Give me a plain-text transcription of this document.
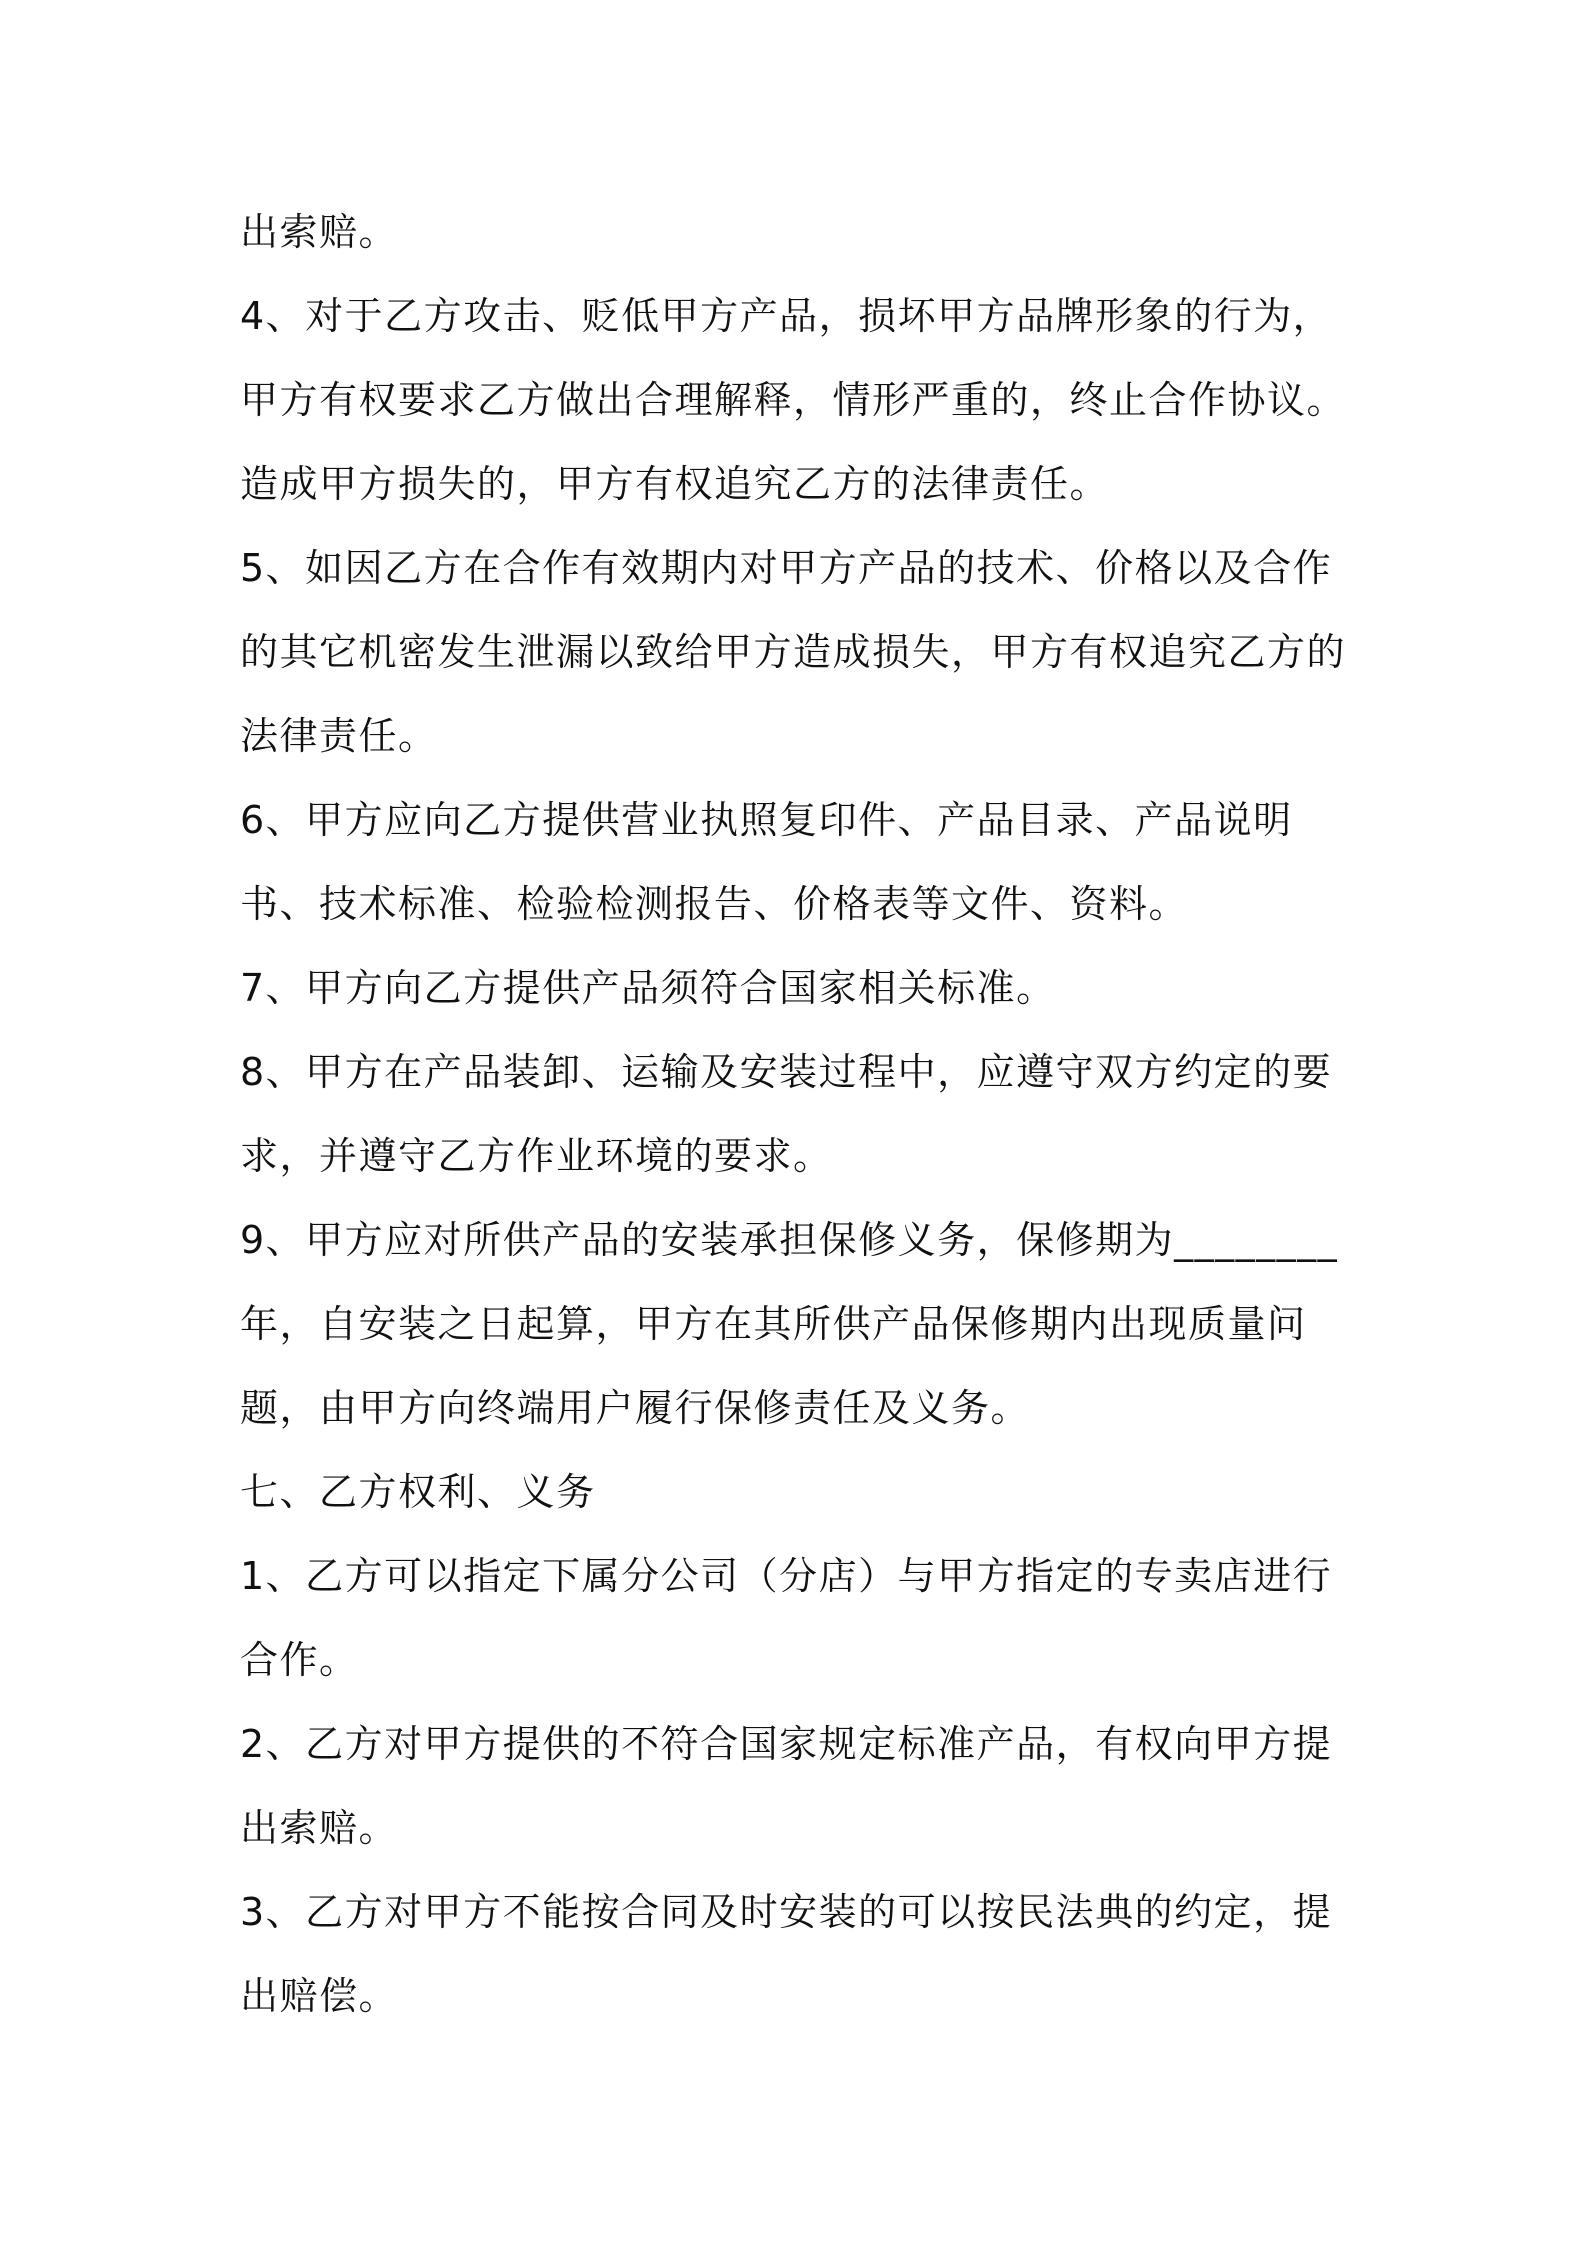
出索赔。

4、对于乙方攻击、贬低甲方产品，损坏甲方品牌形象的行为，甲方有权要求乙方做出合理解释，情形严重的，终止合作协议。造成甲方损失的，甲方有权追究乙方的法律责任。

5、如因乙方在合作有效期内对甲方产品的技术、价格以及合作的其它机密发生泄漏以致给甲方造成损失，甲方有权追究乙方的法律责任。

6、甲方应向乙方提供营业执照复印件、产品目录、产品说明书、技术标准、检验检测报告、价格表等文件、资料。

7、甲方向乙方提供产品须符合国家相关标准。

8、甲方在产品装卸、运输及安装过程中，应遵守双方约定的要求，并遵守乙方作业环境的要求。

9、甲方应对所供产品的安装承担保修义务，保修期为________年，自安装之日起算，甲方在其所供产品保修期内出现质量问题，由甲方向终端用户履行保修责任及义务。

七、乙方权利、义务

1、乙方可以指定下属分公司（分店）与甲方指定的专卖店进行合作。

2、乙方对甲方提供的不符合国家规定标准产品，有权向甲方提出索赔。

3、乙方对甲方不能按合同及时安装的可以按民法典的约定，提出赔偿。
